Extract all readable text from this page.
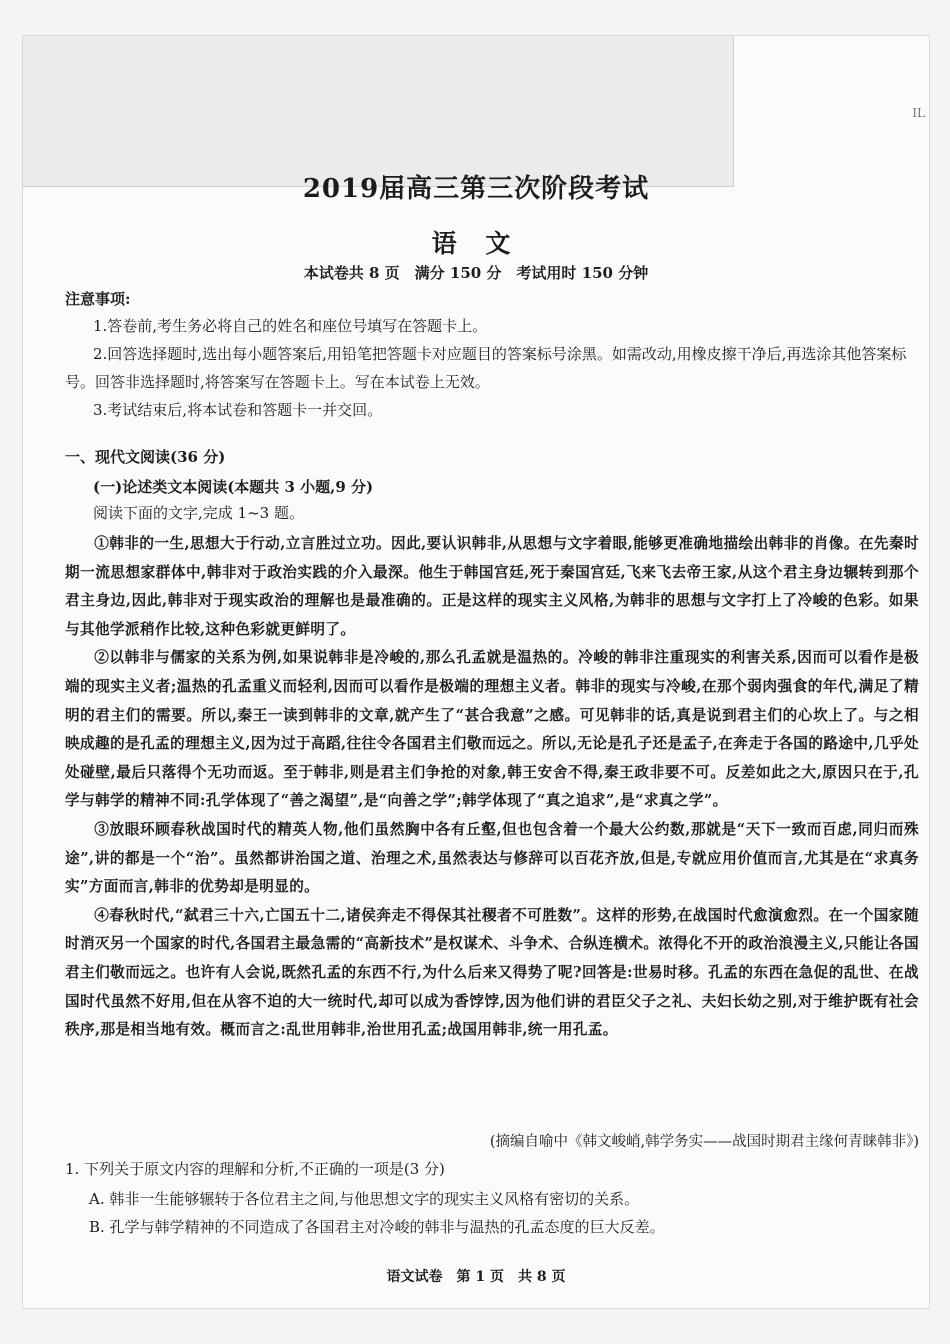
IL
2019届高三第三次阶段考试
语 文
本试卷共 8 页　满分 150 分　考试用时 150 分钟
注意事项:
1.答卷前,考生务必将自己的姓名和座位号填写在答题卡上。
2.回答选择题时,选出每小题答案后,用铅笔把答题卡对应题目的答案标号涂黑。如需改动,用橡皮擦干净后,再选涂其他答案标号。回答非选择题时,将答案写在答题卡上。写在本试卷上无效。
3.考试结束后,将本试卷和答题卡一并交回。
一、现代文阅读(36 分)
(一)论述类文本阅读(本题共 3 小题,9 分)
阅读下面的文字,完成 1~3 题。

①韩非的一生,思想大于行动,立言胜过立功。因此,要认识韩非,从思想与文字着眼,能够更准确地描绘出韩非的肖像。在先秦时期一流思想家群体中,韩非对于政治实践的介入最深。他生于韩国宫廷,死于秦国宫廷,飞来飞去帝王家,从这个君主身边辗转到那个君主身边,因此,韩非对于现实政治的理解也是最准确的。正是这样的现实主义风格,为韩非的思想与文字打上了冷峻的色彩。如果与其他学派稍作比较,这种色彩就更鲜明了。

②以韩非与儒家的关系为例,如果说韩非是冷峻的,那么孔孟就是温热的。冷峻的韩非注重现实的利害关系,因而可以看作是极端的现实主义者;温热的孔孟重义而轻利,因而可以看作是极端的理想主义者。韩非的现实与冷峻,在那个弱肉强食的年代,满足了精明的君主们的需要。所以,秦王一读到韩非的文章,就产生了“甚合我意”之感。可见韩非的话,真是说到君主们的心坎上了。与之相映成趣的是孔孟的理想主义,因为过于高蹈,往往令各国君主们敬而远之。所以,无论是孔子还是孟子,在奔走于各国的路途中,几乎处处碰壁,最后只落得个无功而返。至于韩非,则是君主们争抢的对象,韩王安舍不得,秦王政非要不可。反差如此之大,原因只在于,孔学与韩学的精神不同:孔学体现了“善之渴望”,是“向善之学”;韩学体现了“真之追求”,是“求真之学”。

③放眼环顾春秋战国时代的精英人物,他们虽然胸中各有丘壑,但也包含着一个最大公约数,那就是“天下一致而百虑,同归而殊途”,讲的都是一个“治”。虽然都讲治国之道、治理之术,虽然表达与修辞可以百花齐放,但是,专就应用价值而言,尤其是在“求真务实”方面而言,韩非的优势却是明显的。

④春秋时代,“弑君三十六,亡国五十二,诸侯奔走不得保其社稷者不可胜数”。这样的形势,在战国时代愈演愈烈。在一个国家随时消灭另一个国家的时代,各国君主最急需的“高新技术”是权谋术、斗争术、合纵连横术。浓得化不开的政治浪漫主义,只能让各国君主们敬而远之。也许有人会说,既然孔孟的东西不行,为什么后来又得势了呢?回答是:世易时移。孔孟的东西在急促的乱世、在战国时代虽然不好用,但在从容不迫的大一统时代,却可以成为香饽饽,因为他们讲的君臣父子之礼、夫妇长幼之别,对于维护既有社会秩序,那是相当地有效。概而言之:乱世用韩非,治世用孔孟;战国用韩非,统一用孔孟。

(摘编自喻中《韩文峻峭,韩学务实——战国时期君主缘何青睐韩非》)
1. 下列关于原文内容的理解和分析,不正确的一项是(3 分)
A. 韩非一生能够辗转于各位君主之间,与他思想文字的现实主义风格有密切的关系。
B. 孔学与韩学精神的不同造成了各国君主对冷峻的韩非与温热的孔孟态度的巨大反差。
语文试卷　第 1 页　共 8 页
